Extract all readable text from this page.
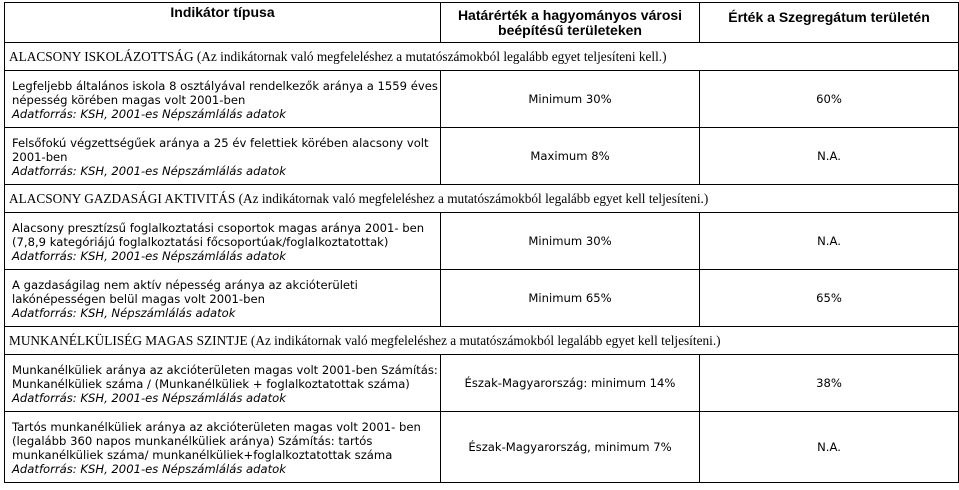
Indikátor típusa	Határérték a hagyományos városi beépítésű területeken	Érték a Szegregátum területén
ALACSONY ISKOLÁZOTTSÁG (Az indikátornak való megfeleléshez a mutatószámokból legalább egyet teljesíteni kell.)		

Legfeljebb általános iskola 8 osztályával rendelkezők aránya a 1559 éves
népesség körében magas volt 2001-ben
Adatforrás: KSH, 2001-es Népszámlálás adatok	Minimum 30%	60%

Felsőfokú végzettségűek aránya a 25 év felettiek körében alacsony volt
2001-ben
Adatforrás: KSH, 2001-es Népszámlálás adatok	Maximum 8%	N.A.
ALACSONY GAZDASÁGI AKTIVITÁS (Az indikátornak való megfeleléshez a mutatószámokból legalább egyet kell teljesíteni.)		

Alacsony presztízsű foglalkoztatási csoportok magas aránya 2001- ben
(7,8,9 kategóriájú foglalkoztatási főcsoportúak/foglalkoztatottak)
Adatforrás: KSH, 2001-es Népszámlálás adatok	Minimum 30%	N.A.

A gazdaságilag nem aktív népesség aránya az akcióterületi
lakónépességen belül magas volt 2001-ben
Adatforrás: KSH, Népszámlálás adatok	Minimum 65%	65%
MUNKANÉLKÜLISÉG MAGAS SZINTJE (Az indikátornak való megfeleléshez a mutatószámokból legalább egyet kell teljesíteni.)		

Munkanélküliek aránya az akcióterületen magas volt 2001-ben Számítás:
Munkanélküliek száma / (Munkanélküliek + foglalkoztatottak száma)
Adatforrás: KSH, 2001-es Népszámlálás adatok	Észak-Magyarország: minimum 14%	38%

Tartós munkanélküliek aránya az akcióterületen magas volt 2001- ben
(legalább 360 napos munkanélküliek aránya) Számítás: tartós
munkanélküliek száma/ munkanélküliek+foglalkoztatottak száma
Adatforrás: KSH, 2001-es Népszámlálás adatok	Észak-Magyarország, minimum 7%	N.A.
